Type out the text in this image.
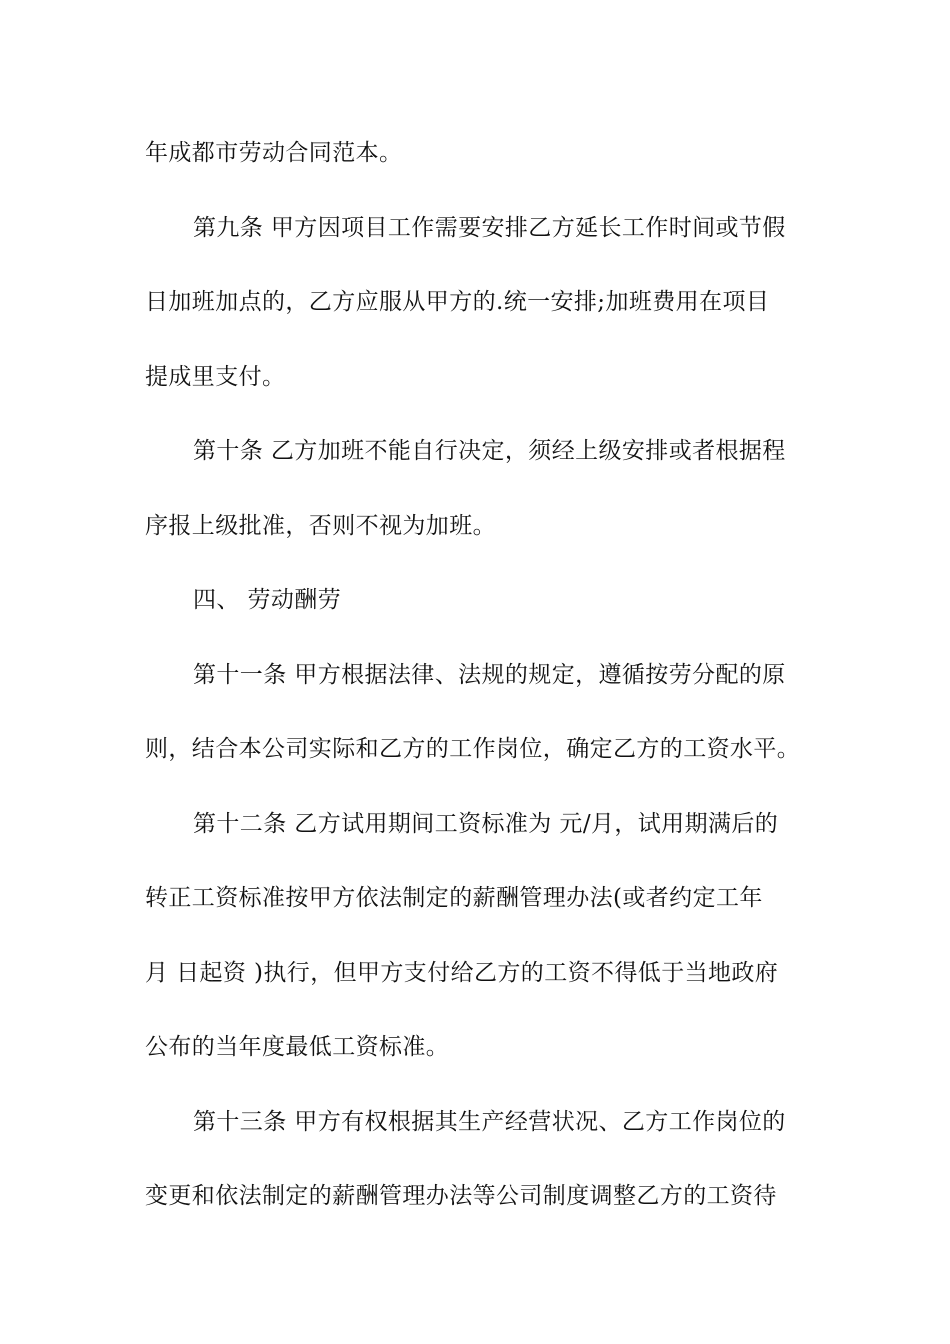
年成都市劳动合同范本。
第九条 甲方因项目工作需要安排乙方延长工作时间或节假
日加班加点的，乙方应服从甲方的.统一安排;加班费用在项目
提成里支付。
第十条 乙方加班不能自行决定，须经上级安排或者根据程
序报上级批准，否则不视为加班。
四、 劳动酬劳
第十一条 甲方根据法律、法规的规定，遵循按劳分配的原
则，结合本公司实际和乙方的工作岗位，确定乙方的工资水平。
第十二条 乙方试用期间工资标准为 元/月，试用期满后的
转正工资标准按甲方依法制定的薪酬管理办法(或者约定工年
月 日起资 )执行，但甲方支付给乙方的工资不得低于当地政府
公布的当年度最低工资标准。
第十三条 甲方有权根据其生产经营状况、乙方工作岗位的
变更和依法制定的薪酬管理办法等公司制度调整乙方的工资待
